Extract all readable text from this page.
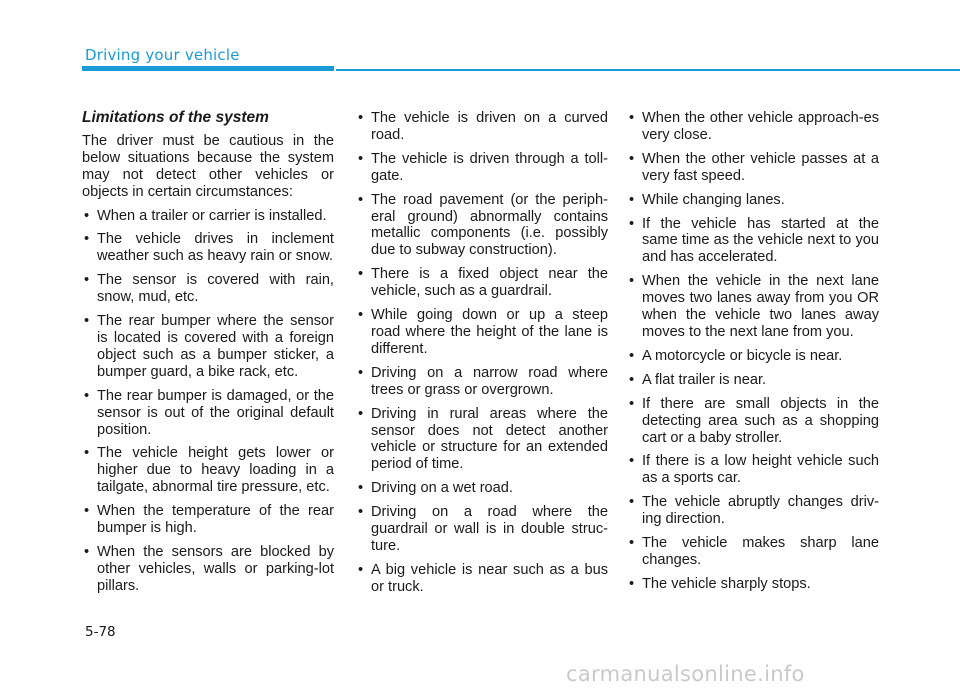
Driving your vehicle
Limitations of the system

The driver must be cautious in the below situations because the system may not detect other vehicles or objects in certain circumstances:

• When a trailer or carrier is installed.
• The vehicle drives in inclement weather such as heavy rain or snow.
• The sensor is covered with rain, snow, mud, etc.
• The rear bumper where the sensor is located is covered with a foreign object such as a bumper sticker, a bumper guard, a bike rack, etc.
• The rear bumper is damaged, or the sensor is out of the original default position.
• The vehicle height gets lower or higher due to heavy loading in a tailgate, abnormal tire pressure, etc.
• When the temperature of the rear bumper is high.
• When the sensors are blocked by other vehicles, walls or parking-lot pillars.
• The vehicle is driven on a curved road.
• The vehicle is driven through a toll-gate.
• The road pavement (or the periph-eral ground) abnormally contains metallic components (i.e. possibly due to subway construction).
• There is a fixed object near the vehicle, such as a guardrail.
• While going down or up a steep road where the height of the lane is different.
• Driving on a narrow road where trees or grass or overgrown.
• Driving in rural areas where the sensor does not detect another vehicle or structure for an extended period of time.
• Driving on a wet road.
• Driving on a road where the guardrail or wall is in double struc-ture.
• A big vehicle is near such as a bus or truck.
• When the other vehicle approach-es very close.
• When the other vehicle passes at a very fast speed.
• While changing lanes.
• If the vehicle has started at the same time as the vehicle next to you and has accelerated.
• When the vehicle in the next lane moves two lanes away from you OR when the vehicle two lanes away moves to the next lane from you.
• A motorcycle or bicycle is near.
• A flat trailer is near.
• If there are small objects in the detecting area such as a shopping cart or a baby stroller.
• If there is a low height vehicle such as a sports car.
• The vehicle abruptly changes driv-ing direction.
• The vehicle makes sharp lane changes.
• The vehicle sharply stops.
5-78
carmanualsonline.info
